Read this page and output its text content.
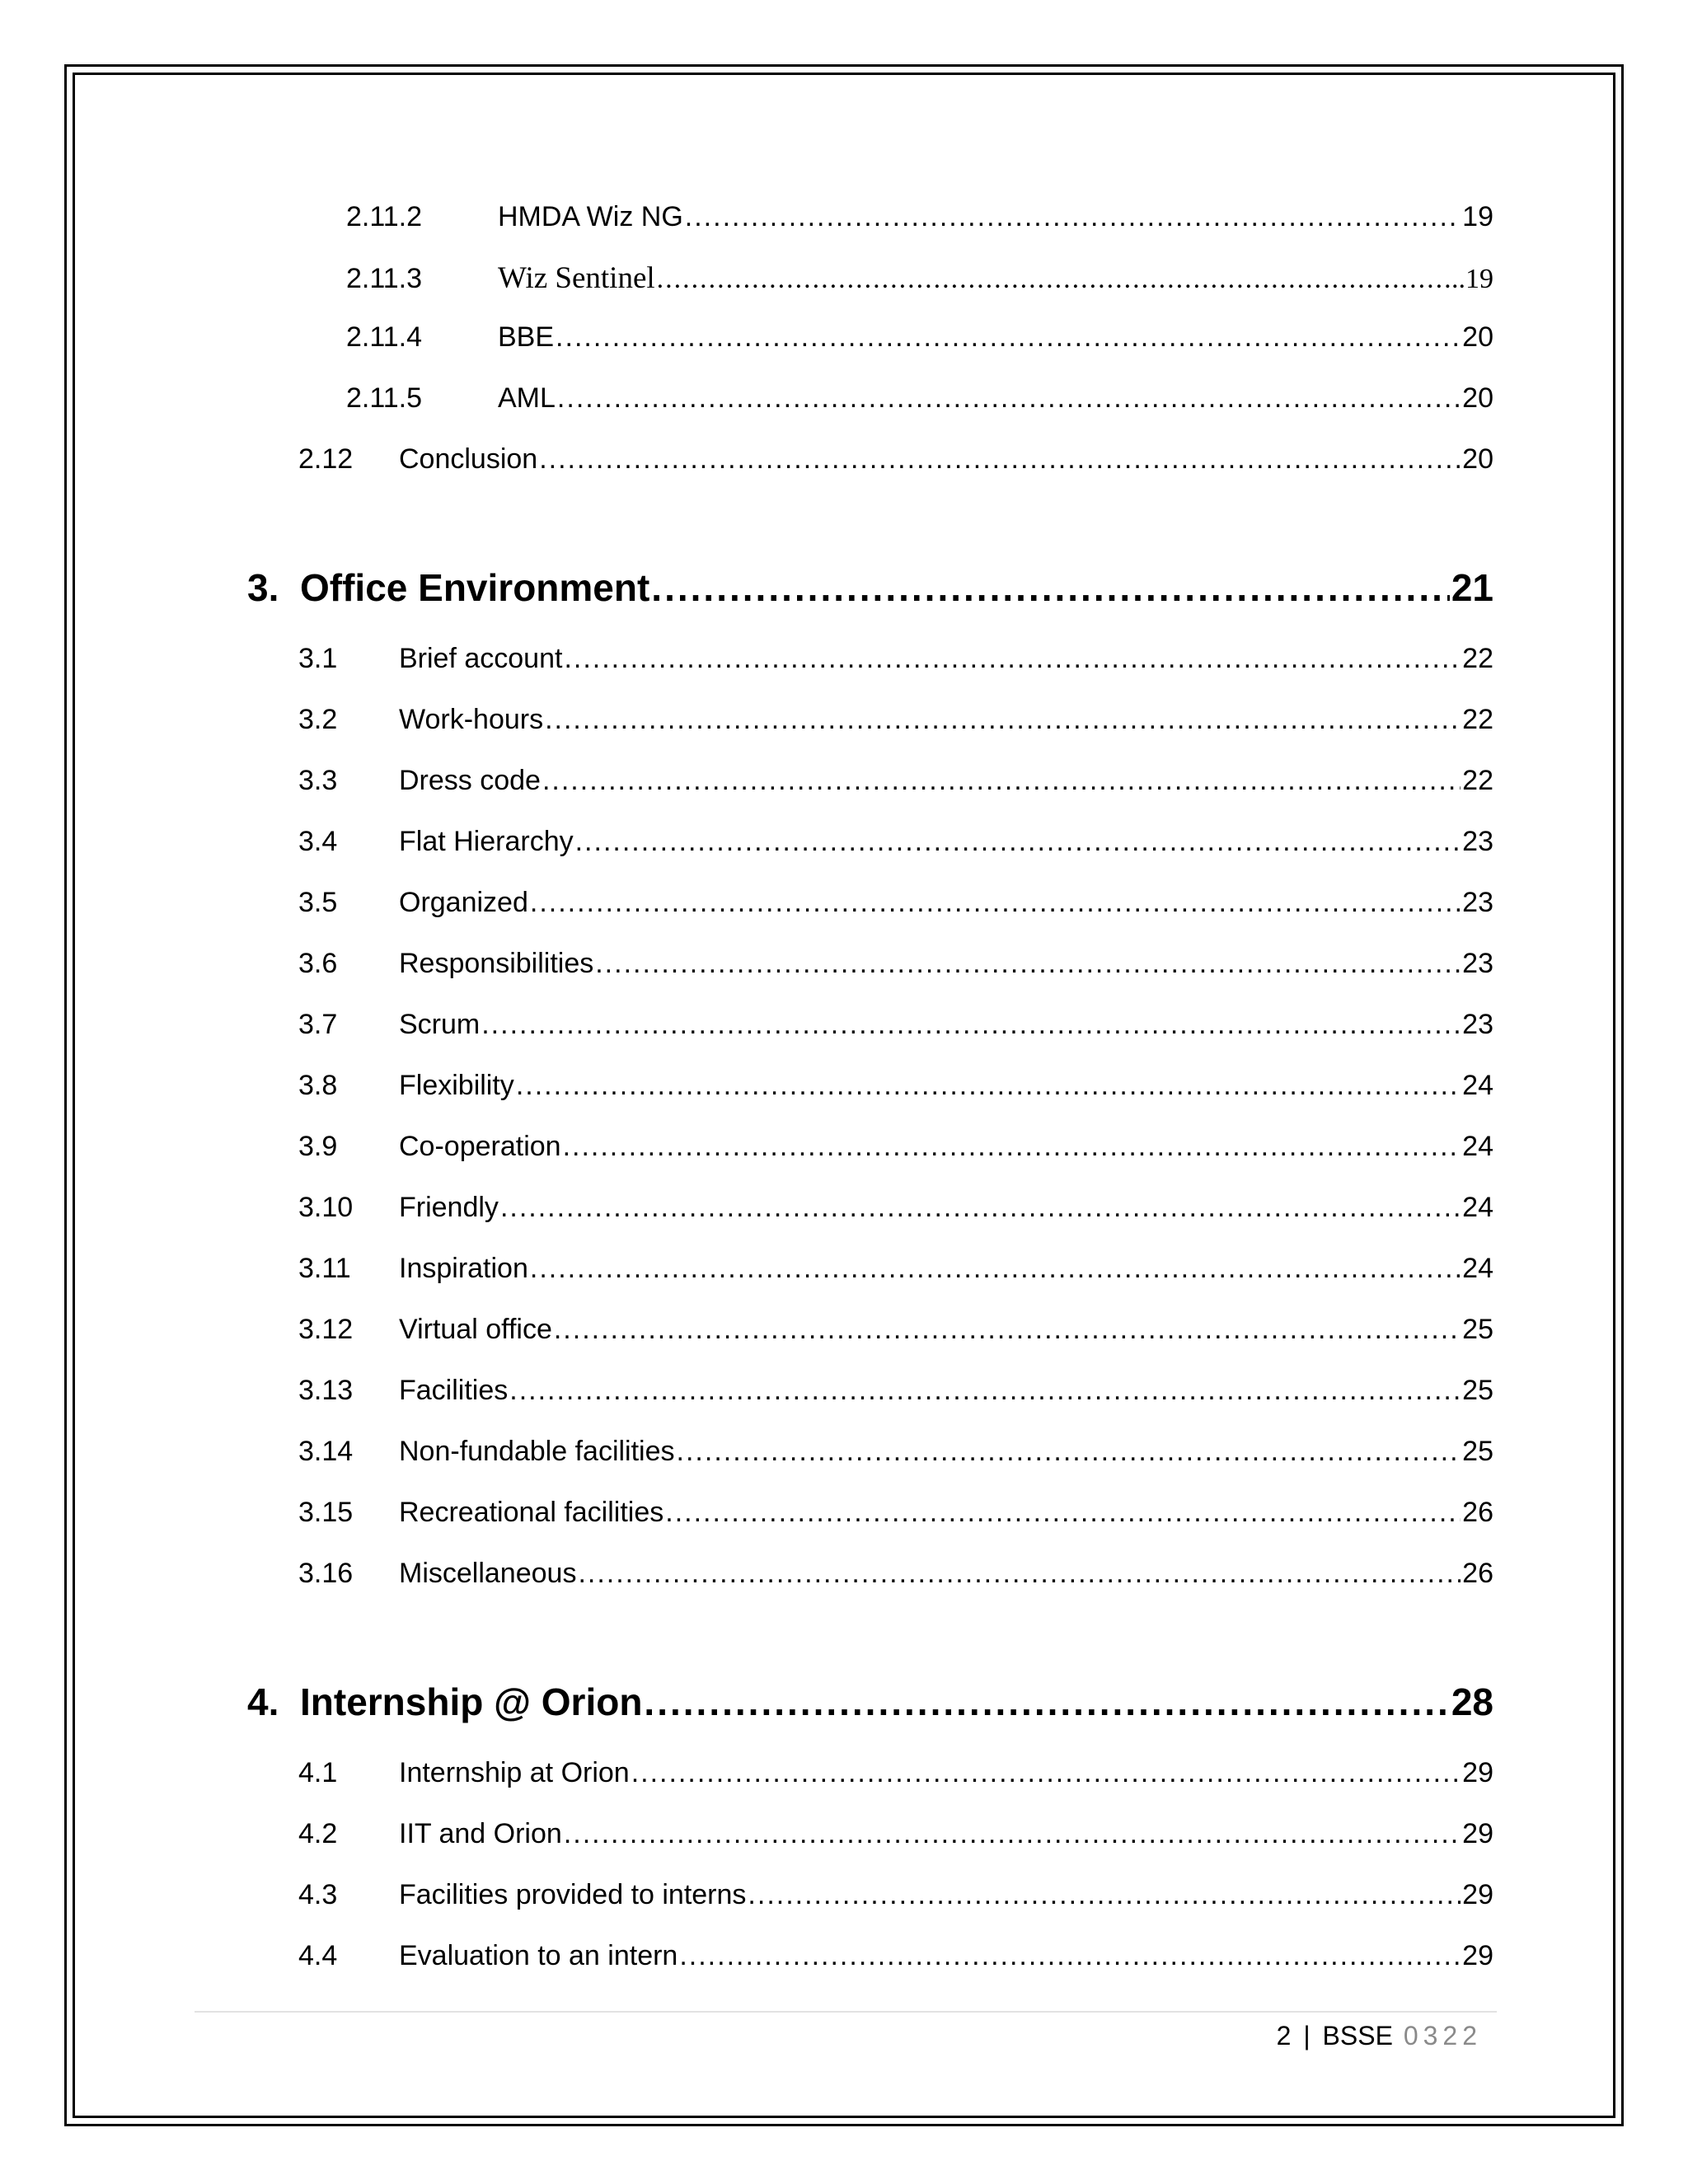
2.11.2	HMDA Wiz NG .....	19
2.11.3	Wiz Sentinel .....	..19
2.11.4	BBE .....	20
2.11.5	AML .....	20
2.12	Conclusion .....	20
3. Office Environment .....	21
3.1	Brief account .....	22
3.2	Work-hours .....	22
3.3	Dress code .....	22
3.4	Flat Hierarchy .....	23
3.5	Organized .....	23
3.6	Responsibilities .....	23
3.7	Scrum .....	23
3.8	Flexibility .....	24
3.9	Co-operation .....	24
3.10	Friendly .....	24
3.11	Inspiration .....	24
3.12	Virtual office .....	25
3.13	Facilities .....	25
3.14	Non-fundable facilities .....	25
3.15	Recreational facilities .....	26
3.16	Miscellaneous .....	26
4. Internship @ Orion .....	28
4.1	Internship at Orion .....	29
4.2	IIT and Orion .....	29
4.3	Facilities provided to interns .....	29
4.4	Evaluation to an intern .....	29
2 | BSSE 0322
